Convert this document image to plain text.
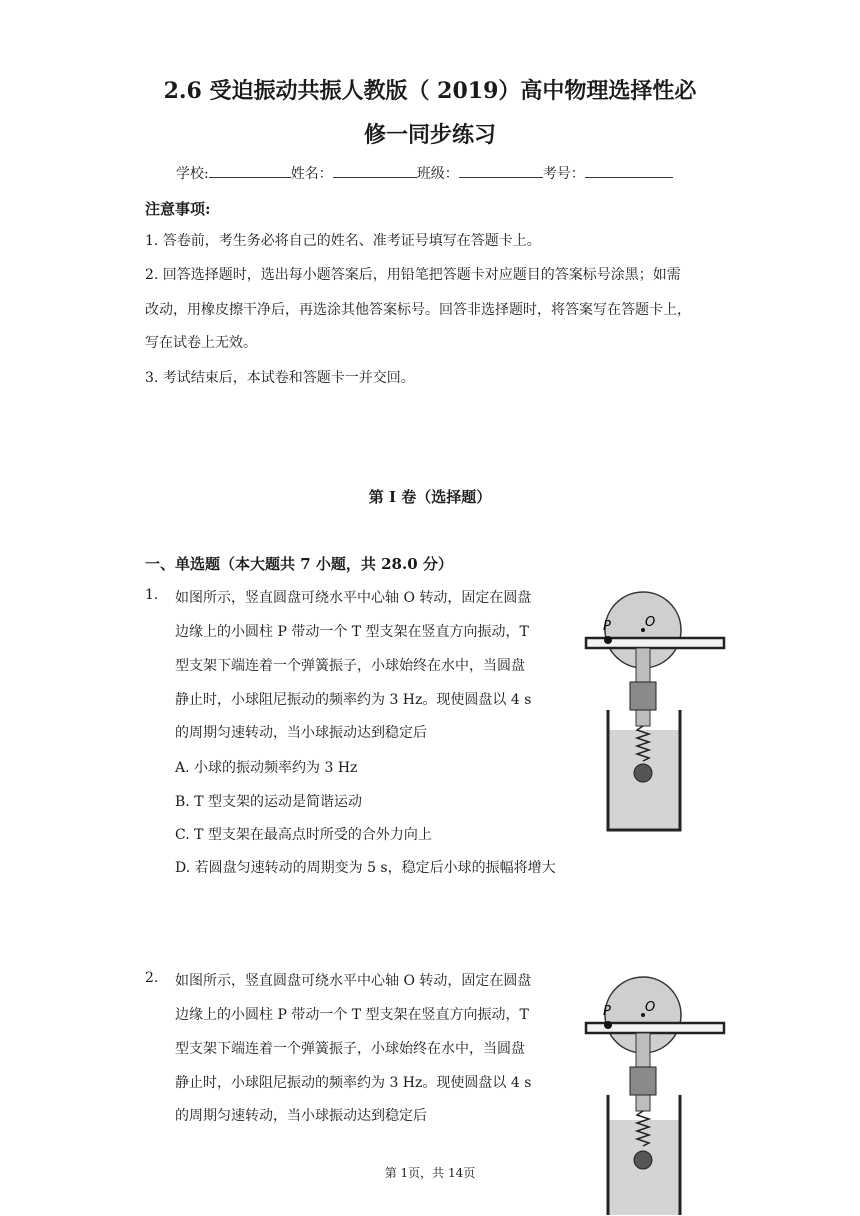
2.6 受迫振动共振人教版（ 2019）高中物理选择性必
修一同步练习
学校:	姓名：	班级：	考号：
注意事项:
1. 答卷前，考生务必将自己的姓名、准考证号填写在答题卡上。
2. 回答选择题时，选出每小题答案后，用铅笔把答题卡对应题目的答案标号涂黑；如需
改动，用橡皮擦干净后，再选涂其他答案标号。回答非选择题时，将答案写在答题卡上，
写在试卷上无效。
3. 考试结束后，本试卷和答题卡一并交回。
第 I 卷（选择题）
一、单选题（本大题共 7 小题，共 28.0 分）
1. 如图所示，竖直圆盘可绕水平中心轴 O 转动，固定在圆盘
边缘上的小圆柱 P 带动一个 T 型支架在竖直方向振动，T
型支架下端连着一个弹簧振子，小球始终在水中，当圆盘
静止时，小球阻尼振动的频率约为 3 Hz。现使圆盘以 4 s
的周期匀速转动，当小球振动达到稳定后
A. 小球的振动频率约为 3 Hz
B. T 型支架的运动是简谐运动
C. T 型支架在最高点时所受的合外力向上
D. 若圆盘匀速转动的周期变为 5 s，稳定后小球的振幅将增大
P	O
2. 如图所示，竖直圆盘可绕水平中心轴 O 转动，固定在圆盘
边缘上的小圆柱 P 带动一个 T 型支架在竖直方向振动，T
型支架下端连着一个弹簧振子，小球始终在水中，当圆盘
静止时，小球阻尼振动的频率约为 3 Hz。现使圆盘以 4 s
的周期匀速转动，当小球振动达到稳定后
P	O
第 1页，共 14页
